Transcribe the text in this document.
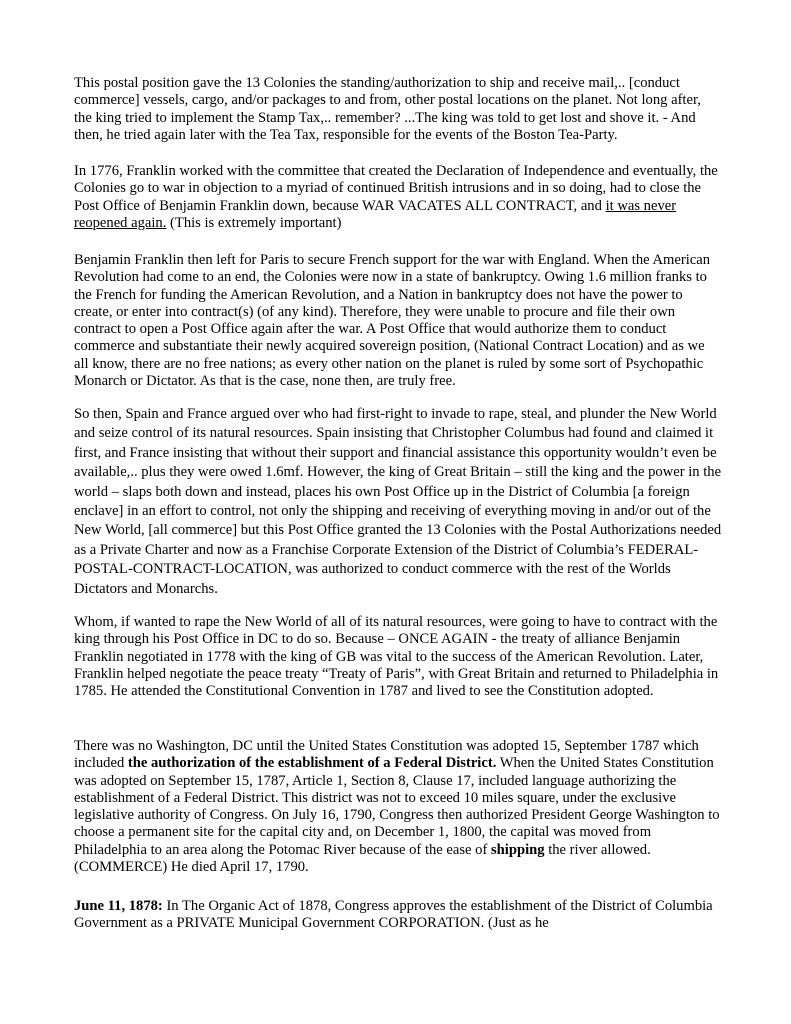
This postal position gave the 13 Colonies the standing/authorization to ship and receive mail,.. [conduct commerce] vessels, cargo, and/or packages to and from, other postal locations on the planet. Not long after, the king tried to implement the Stamp Tax,.. remember? ...The king was told to get lost and shove it. - And then, he tried again later with the Tea Tax, responsible for the events of the Boston Tea-Party.

In 1776, Franklin worked with the committee that created the Declaration of Independence and eventually, the Colonies go to war in objection to a myriad of continued British intrusions and in so doing, had to close the Post Office of Benjamin Franklin down, because WAR VACATES ALL CONTRACT, and it was never reopened again. (This is extremely important)

Benjamin Franklin then left for Paris to secure French support for the war with England. When the American Revolution had come to an end, the Colonies were now in a state of bankruptcy. Owing 1.6 million franks to the French for funding the American Revolution, and a Nation in bankruptcy does not have the power to create, or enter into contract(s) (of any kind). Therefore, they were unable to procure and file their own contract to open a Post Office again after the war. A Post Office that would authorize them to conduct commerce and substantiate their newly acquired sovereign position, (National Contract Location) and as we all know, there are no free nations; as every other nation on the planet is ruled by some sort of Psychopathic Monarch or Dictator. As that is the case, none then, are truly free.

So then, Spain and France argued over who had first-right to invade to rape, steal, and plunder the New World and seize control of its natural resources. Spain insisting that Christopher Columbus had found and claimed it first, and France insisting that without their support and financial assistance this opportunity wouldn’t even be available,.. plus they were owed 1.6mf. However, the king of Great Britain – still the king and the power in the world – slaps both down and instead, places his own Post Office up in the District of Columbia [a foreign enclave] in an effort to control, not only the shipping and receiving of everything moving in and/or out of the New World, [all commerce] but this Post Office granted the 13 Colonies with the Postal Authorizations needed as a Private Charter and now as a Franchise Corporate Extension of the District of Columbia’s FEDERAL-POSTAL-CONTRACT-LOCATION, was authorized to conduct commerce with the rest of the Worlds Dictators and Monarchs.

Whom, if wanted to rape the New World of all of its natural resources, were going to have to contract with the king through his Post Office in DC to do so. Because – ONCE AGAIN - the treaty of alliance Benjamin Franklin negotiated in 1778 with the king of GB was vital to the success of the American Revolution. Later, Franklin helped negotiate the peace treaty “Treaty of Paris”, with Great Britain and returned to Philadelphia in 1785. He attended the Constitutional Convention in 1787 and lived to see the Constitution adopted.

There was no Washington, DC until the United States Constitution was adopted 15, September 1787 which included the authorization of the establishment of a Federal District. When the United States Constitution was adopted on September 15, 1787, Article 1, Section 8, Clause 17, included language authorizing the establishment of a Federal District. This district was not to exceed 10 miles square, under the exclusive legislative authority of Congress. On July 16, 1790, Congress then authorized President George Washington to choose a permanent site for the capital city and, on December 1, 1800, the capital was moved from Philadelphia to an area along the Potomac River because of the ease of shipping the river allowed. (COMMERCE) He died April 17, 1790.

June 11, 1878: In The Organic Act of 1878, Congress approves the establishment of the District of Columbia Government as a PRIVATE Municipal Government CORPORATION. (Just as he
